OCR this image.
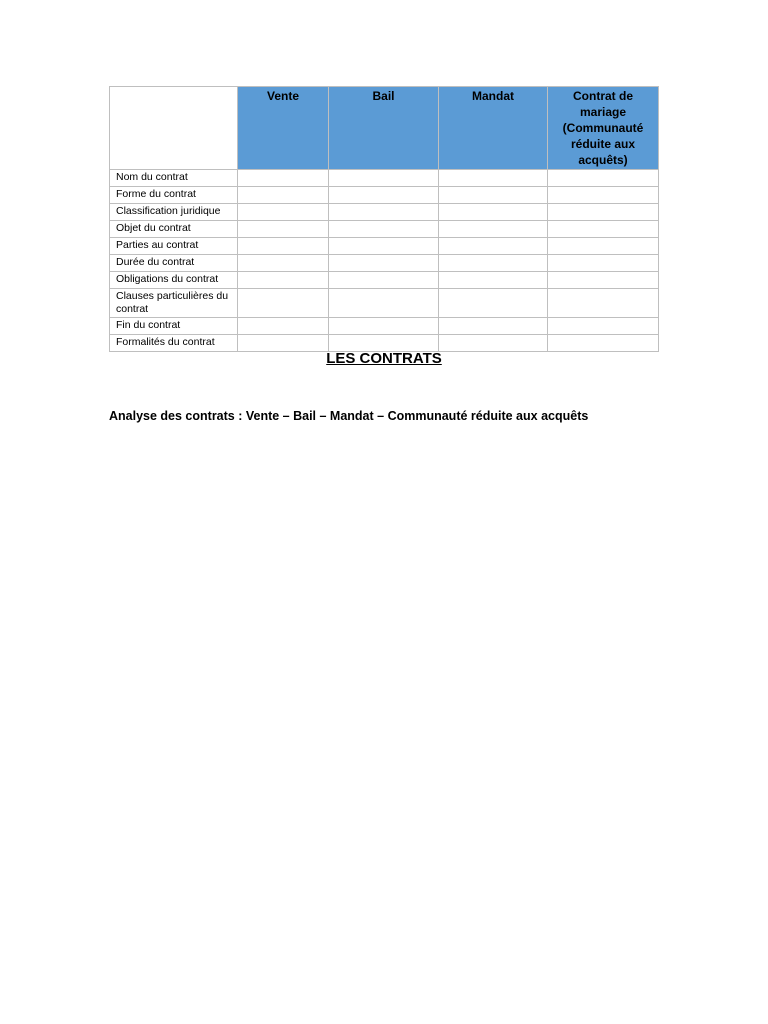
	Vente	Bail	Mandat	Contrat de mariage (Communauté réduite aux acquêts)
Nom du contrat				
Forme du contrat				
Classification juridique				
Objet du contrat				
Parties au contrat				
Durée du contrat				
Obligations du contrat				
Clauses particulières du contrat				
Fin du contrat				
Formalités du contrat				
LES CONTRATS
Analyse des contrats : Vente – Bail – Mandat – Communauté réduite aux acquêts
